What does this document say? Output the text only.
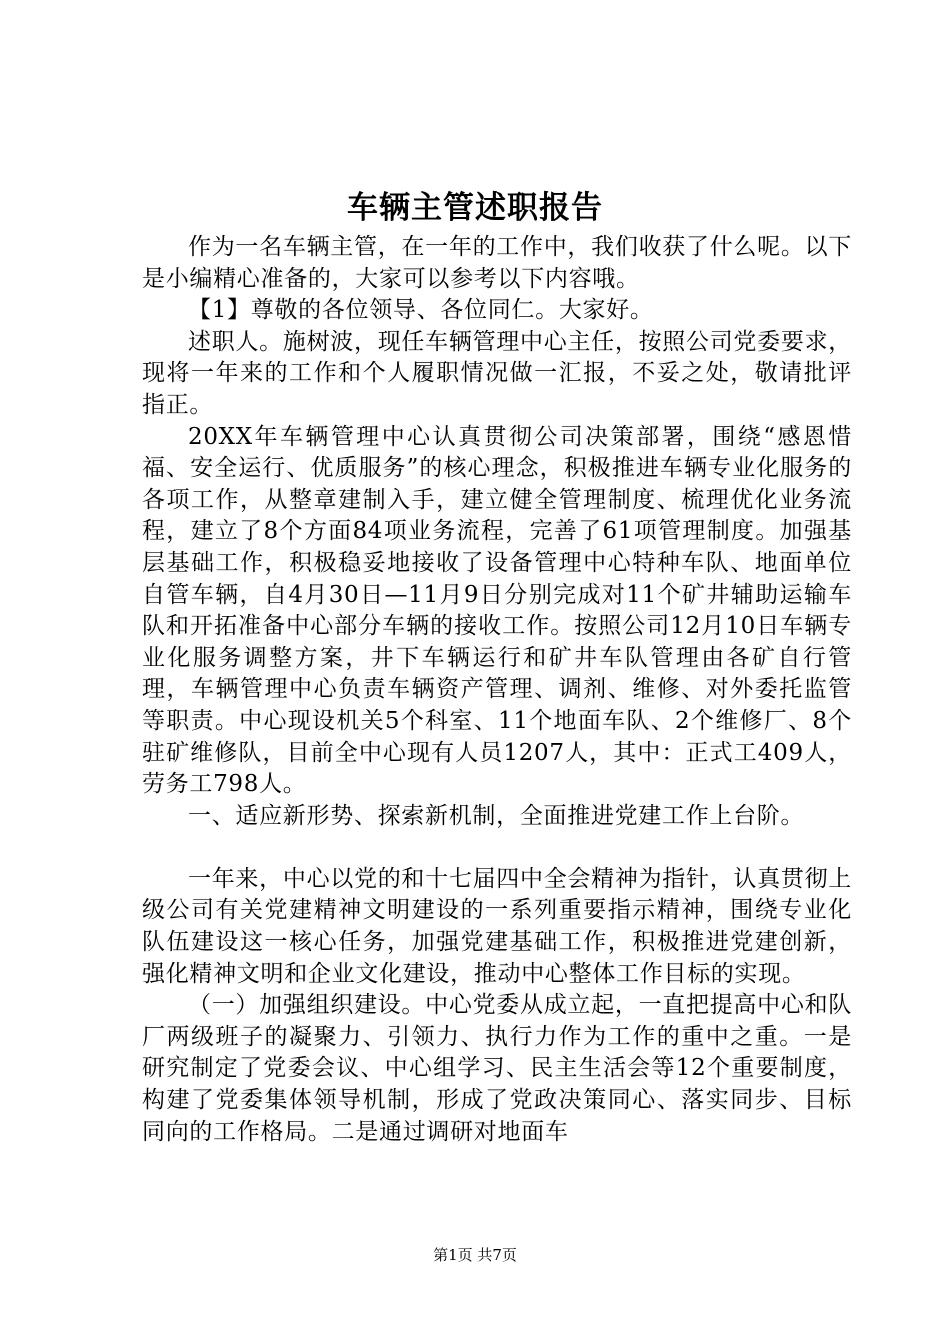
车辆主管述职报告

作为一名车辆主管，在一年的工作中，我们收获了什么呢。以下是小编精心准备的，大家可以参考以下内容哦。

【1】尊敬的各位领导、各位同仁。大家好。

述职人。施树波，现任车辆管理中心主任，按照公司党委要求，现将一年来的工作和个人履职情况做一汇报，不妥之处，敬请批评指正。

20XX年车辆管理中心认真贯彻公司决策部署，围绕“感恩惜福、安全运行、优质服务”的核心理念，积极推进车辆专业化服务的各项工作，从整章建制入手，建立健全管理制度、梳理优化业务流程，建立了8个方面84项业务流程，完善了61项管理制度。加强基层基础工作，积极稳妥地接收了设备管理中心特种车队、地面单位自管车辆，自4月30日—11月9日分别完成对11个矿井辅助运输车队和开拓准备中心部分车辆的接收工作。按照公司12月10日车辆专业化服务调整方案，井下车辆运行和矿井车队管理由各矿自行管理，车辆管理中心负责车辆资产管理、调剂、维修、对外委托监管等职责。中心现设机关5个科室、11个地面车队、2个维修厂、8个驻矿维修队，目前全中心现有人员1207人，其中：正式工409人，劳务工798人。

一、适应新形势、探索新机制，全面推进党建工作上台阶。

一年来，中心以党的和十七届四中全会精神为指针，认真贯彻上级公司有关党建精神文明建设的一系列重要指示精神，围绕专业化队伍建设这一核心任务，加强党建基础工作，积极推进党建创新，强化精神文明和企业文化建设，推动中心整体工作目标的实现。

（一）加强组织建设。中心党委从成立起，一直把提高中心和队厂两级班子的凝聚力、引领力、执行力作为工作的重中之重。一是研究制定了党委会议、中心组学习、民主生活会等12个重要制度，构建了党委集体领导机制，形成了党政决策同心、落实同步、目标同向的工作格局。二是通过调研对地面车

第1页 共7页
